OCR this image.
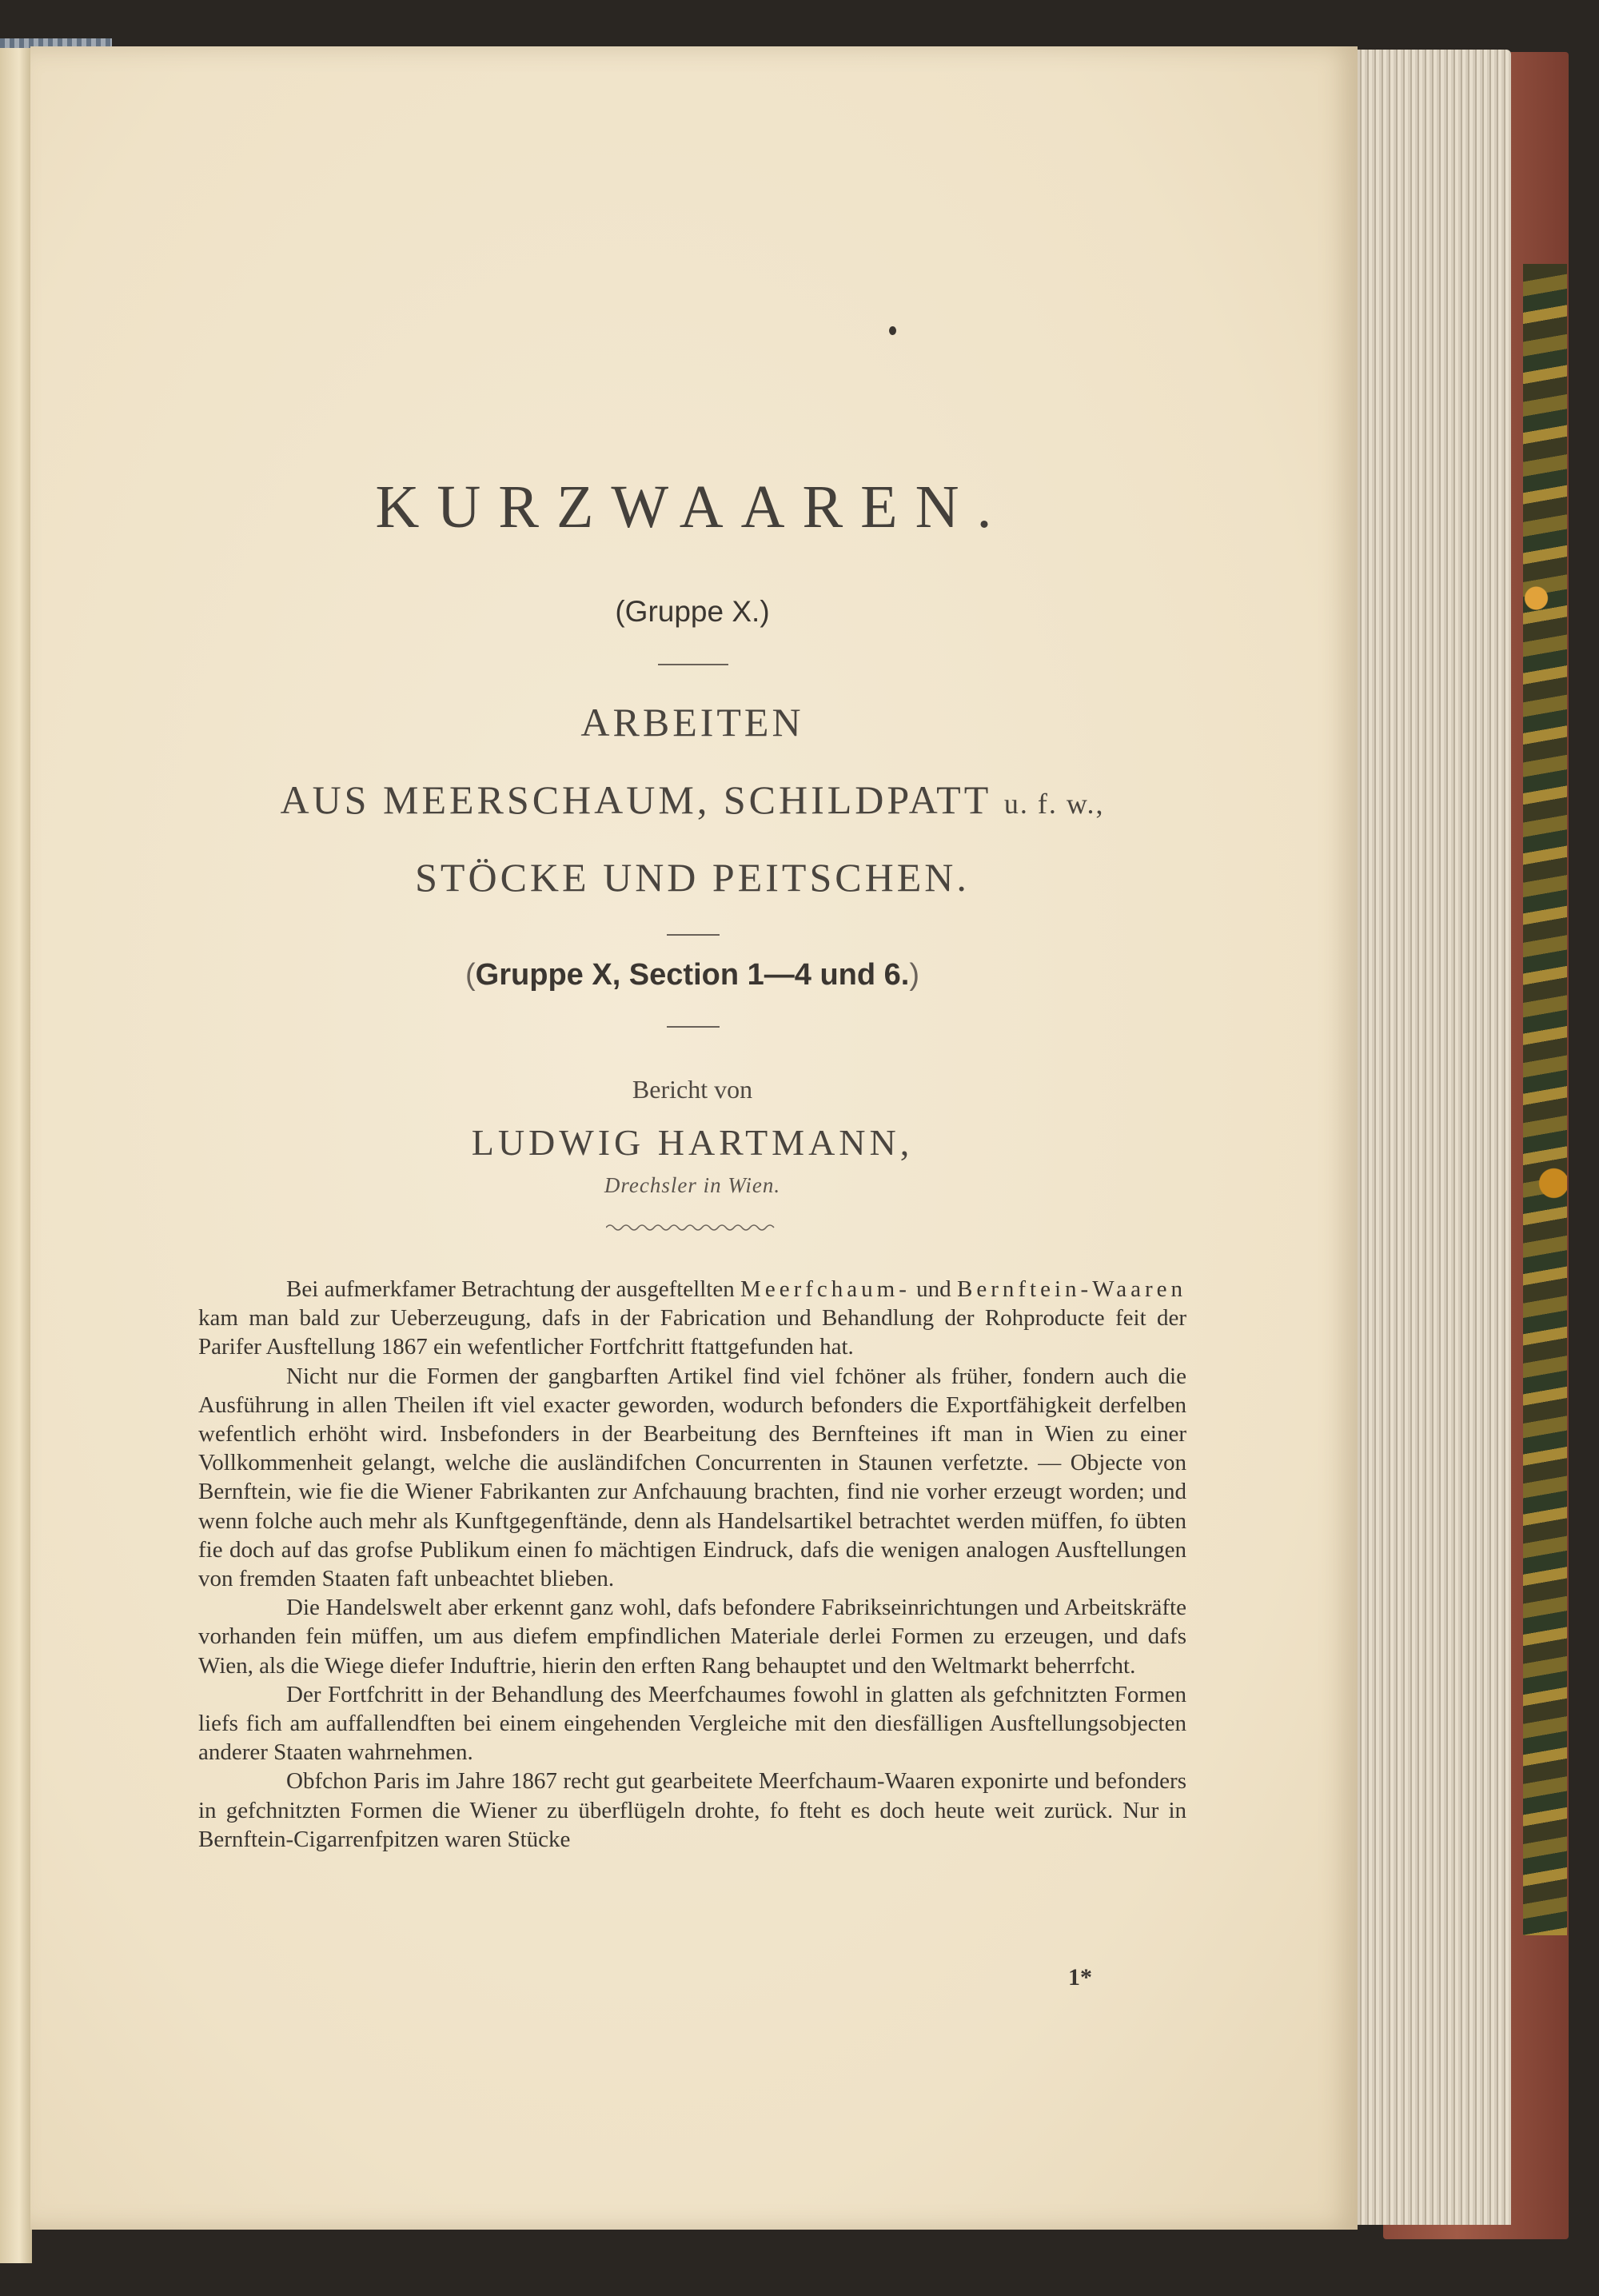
KURZWAAREN.
(Gruppe X.)
ARBEITEN
AUS MEERSCHAUM, SCHILDPATT u. f. w.,
STÖCKE UND PEITSCHEN.
(Gruppe X, Section 1—4 und 6.)
Bericht von
LUDWIG HARTMANN,
Drechsler in Wien.

Bei aufmerkfamer Betrachtung der ausgeftellten Meerfchaum- und Bernftein-Waaren kam man bald zur Ueberzeugung, dafs in der Fabrication und Behandlung der Rohproducte feit der Parifer Ausftellung 1867 ein wefentlicher Fortfchritt ftattgefunden hat.

Nicht nur die Formen der gangbarften Artikel find viel fchöner als früher, fondern auch die Ausführung in allen Theilen ift viel exacter geworden, wodurch befonders die Exportfähigkeit derfelben wefentlich erhöht wird. Insbefonders in der Bearbeitung des Bernfteines ift man in Wien zu einer Vollkommenheit gelangt, welche die ausländifchen Concurrenten in Staunen verfetzte. — Objecte von Bernftein, wie fie die Wiener Fabrikanten zur Anfchauung brachten, find nie vorher erzeugt worden; und wenn folche auch mehr als Kunftgegenftände, denn als Handelsartikel betrachtet werden müffen, fo übten fie doch auf das grofse Publikum einen fo mächtigen Eindruck, dafs die wenigen analogen Ausftellungen von fremden Staaten faft unbeachtet blieben.

Die Handelswelt aber erkennt ganz wohl, dafs befondere Fabrikseinrichtungen und Arbeitskräfte vorhanden fein müffen, um aus diefem empfindlichen Materiale derlei Formen zu erzeugen, und dafs Wien, als die Wiege diefer Induftrie, hierin den erften Rang behauptet und den Weltmarkt beherrfcht.

Der Fortfchritt in der Behandlung des Meerfchaumes fowohl in glatten als gefchnitzten Formen liefs fich am auffallendften bei einem eingehenden Vergleiche mit den diesfälligen Ausftellungsobjecten anderer Staaten wahrnehmen.

Obfchon Paris im Jahre 1867 recht gut gearbeitete Meerfchaum-Waaren exponirte und befonders in gefchnitzten Formen die Wiener zu überflügeln drohte, fo fteht es doch heute weit zurück. Nur in Bernftein-Cigarrenfpitzen waren Stücke

1*
